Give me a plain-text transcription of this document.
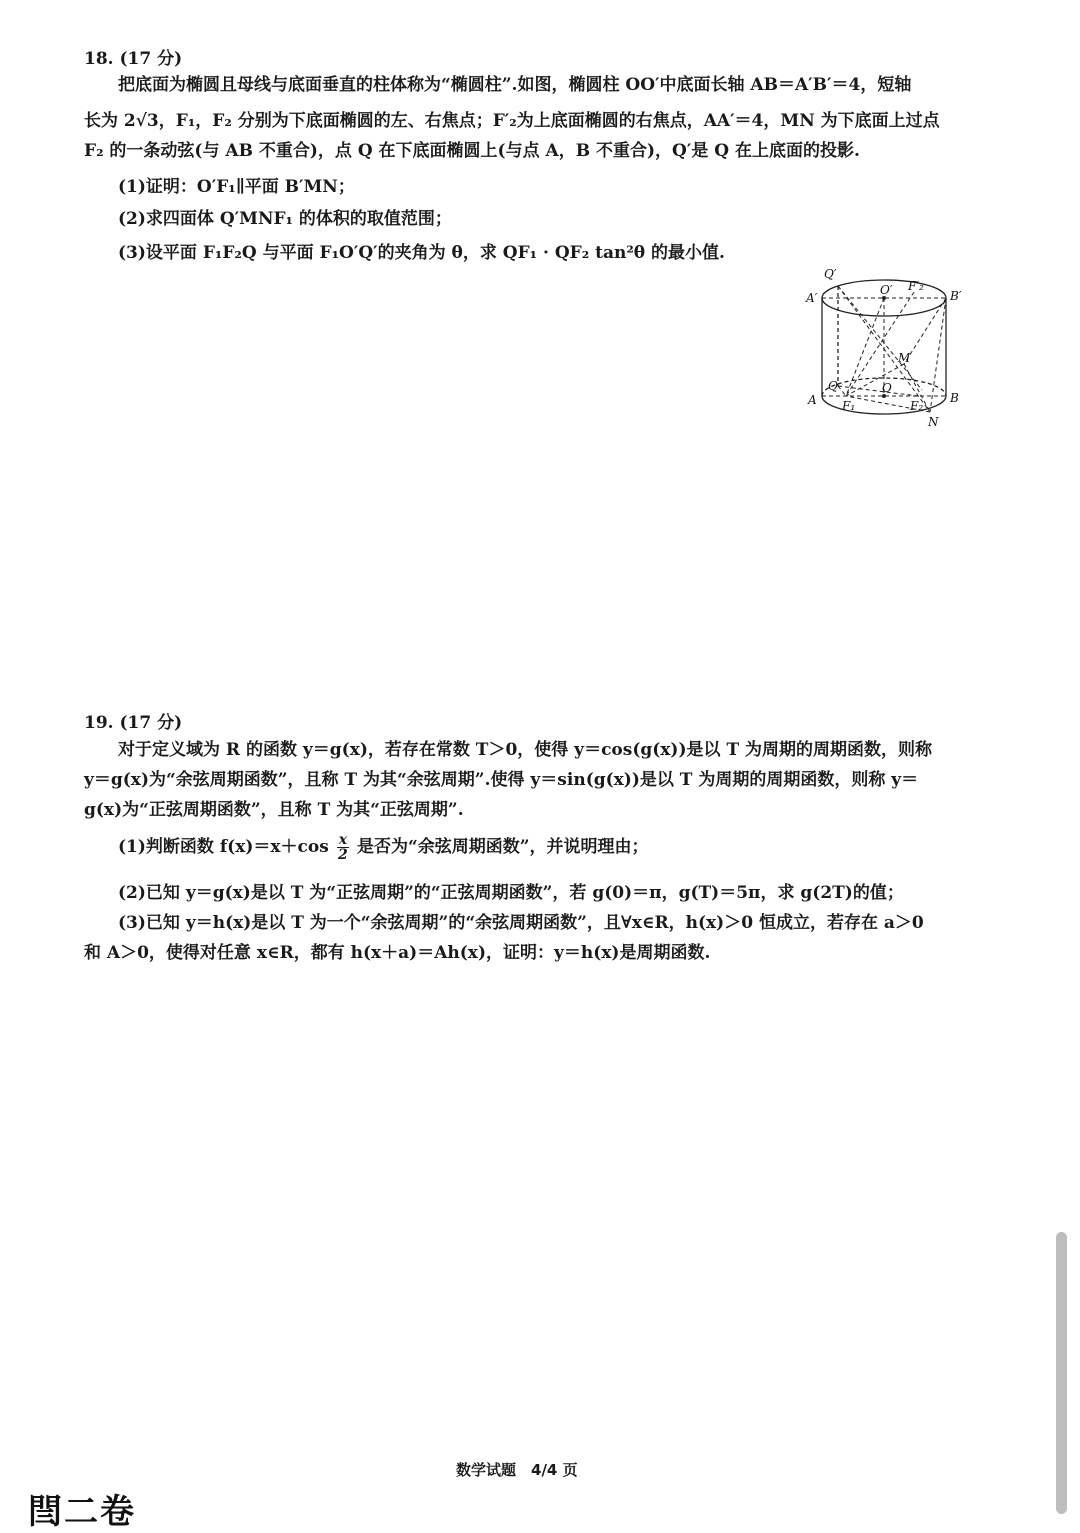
18. (17 分)
把底面为椭圆且母线与底面垂直的柱体称为“椭圆柱”.如图，椭圆柱 OO′中底面长轴 AB＝A′B′＝4，短轴
长为 2√3，F₁，F₂ 分别为下底面椭圆的左、右焦点；F′₂为上底面椭圆的右焦点，AA′＝4，MN 为下底面上过点
F₂ 的一条动弦(与 AB 不重合)，点 Q 在下底面椭圆上(与点 A，B 不重合)，Q′是 Q 在上底面的投影.
(1)证明：O′F₁∥平面 B′MN；
(2)求四面体 Q′MNF₁ 的体积的取值范围；
(3)设平面 F₁F₂Q 与平面 F₁O′Q′的夹角为 θ，求 QF₁ · QF₂ tan²θ 的最小值.
Q′
A′
O′ F′₂
B′
M
Q	O
A F₁	F₂
B
N
19. (17 分)
对于定义域为 R 的函数 y＝g(x)，若存在常数 T＞0，使得 y＝cos(g(x))是以 T 为周期的周期函数，则称
y＝g(x)为“余弦周期函数”，且称 T 为其“余弦周期”.使得 y＝sin(g(x))是以 T 为周期的周期函数，则称 y＝
g(x)为“正弦周期函数”，且称 T 为其“正弦周期”.
(1)判断函数 $f(x)=x+\cos \frac{x}{2}$ 是否为“余弦周期函数”，并说明理由；
(2)已知 y＝g(x)是以 T 为“正弦周期”的“正弦周期函数”，若 g(0)＝π，g(T)＝5π，求 g(2T)的值；
(3)已知 y＝h(x)是以 T 为一个“余弦周期”的“余弦周期函数”，且∀x∈R，h(x)＞0 恒成立，若存在 a＞0
和 A＞0，使得对任意 x∈R，都有 h(x＋a)＝Ah(x)，证明：y＝h(x)是周期函数.
数学试题　4/4 页
閆二卷
